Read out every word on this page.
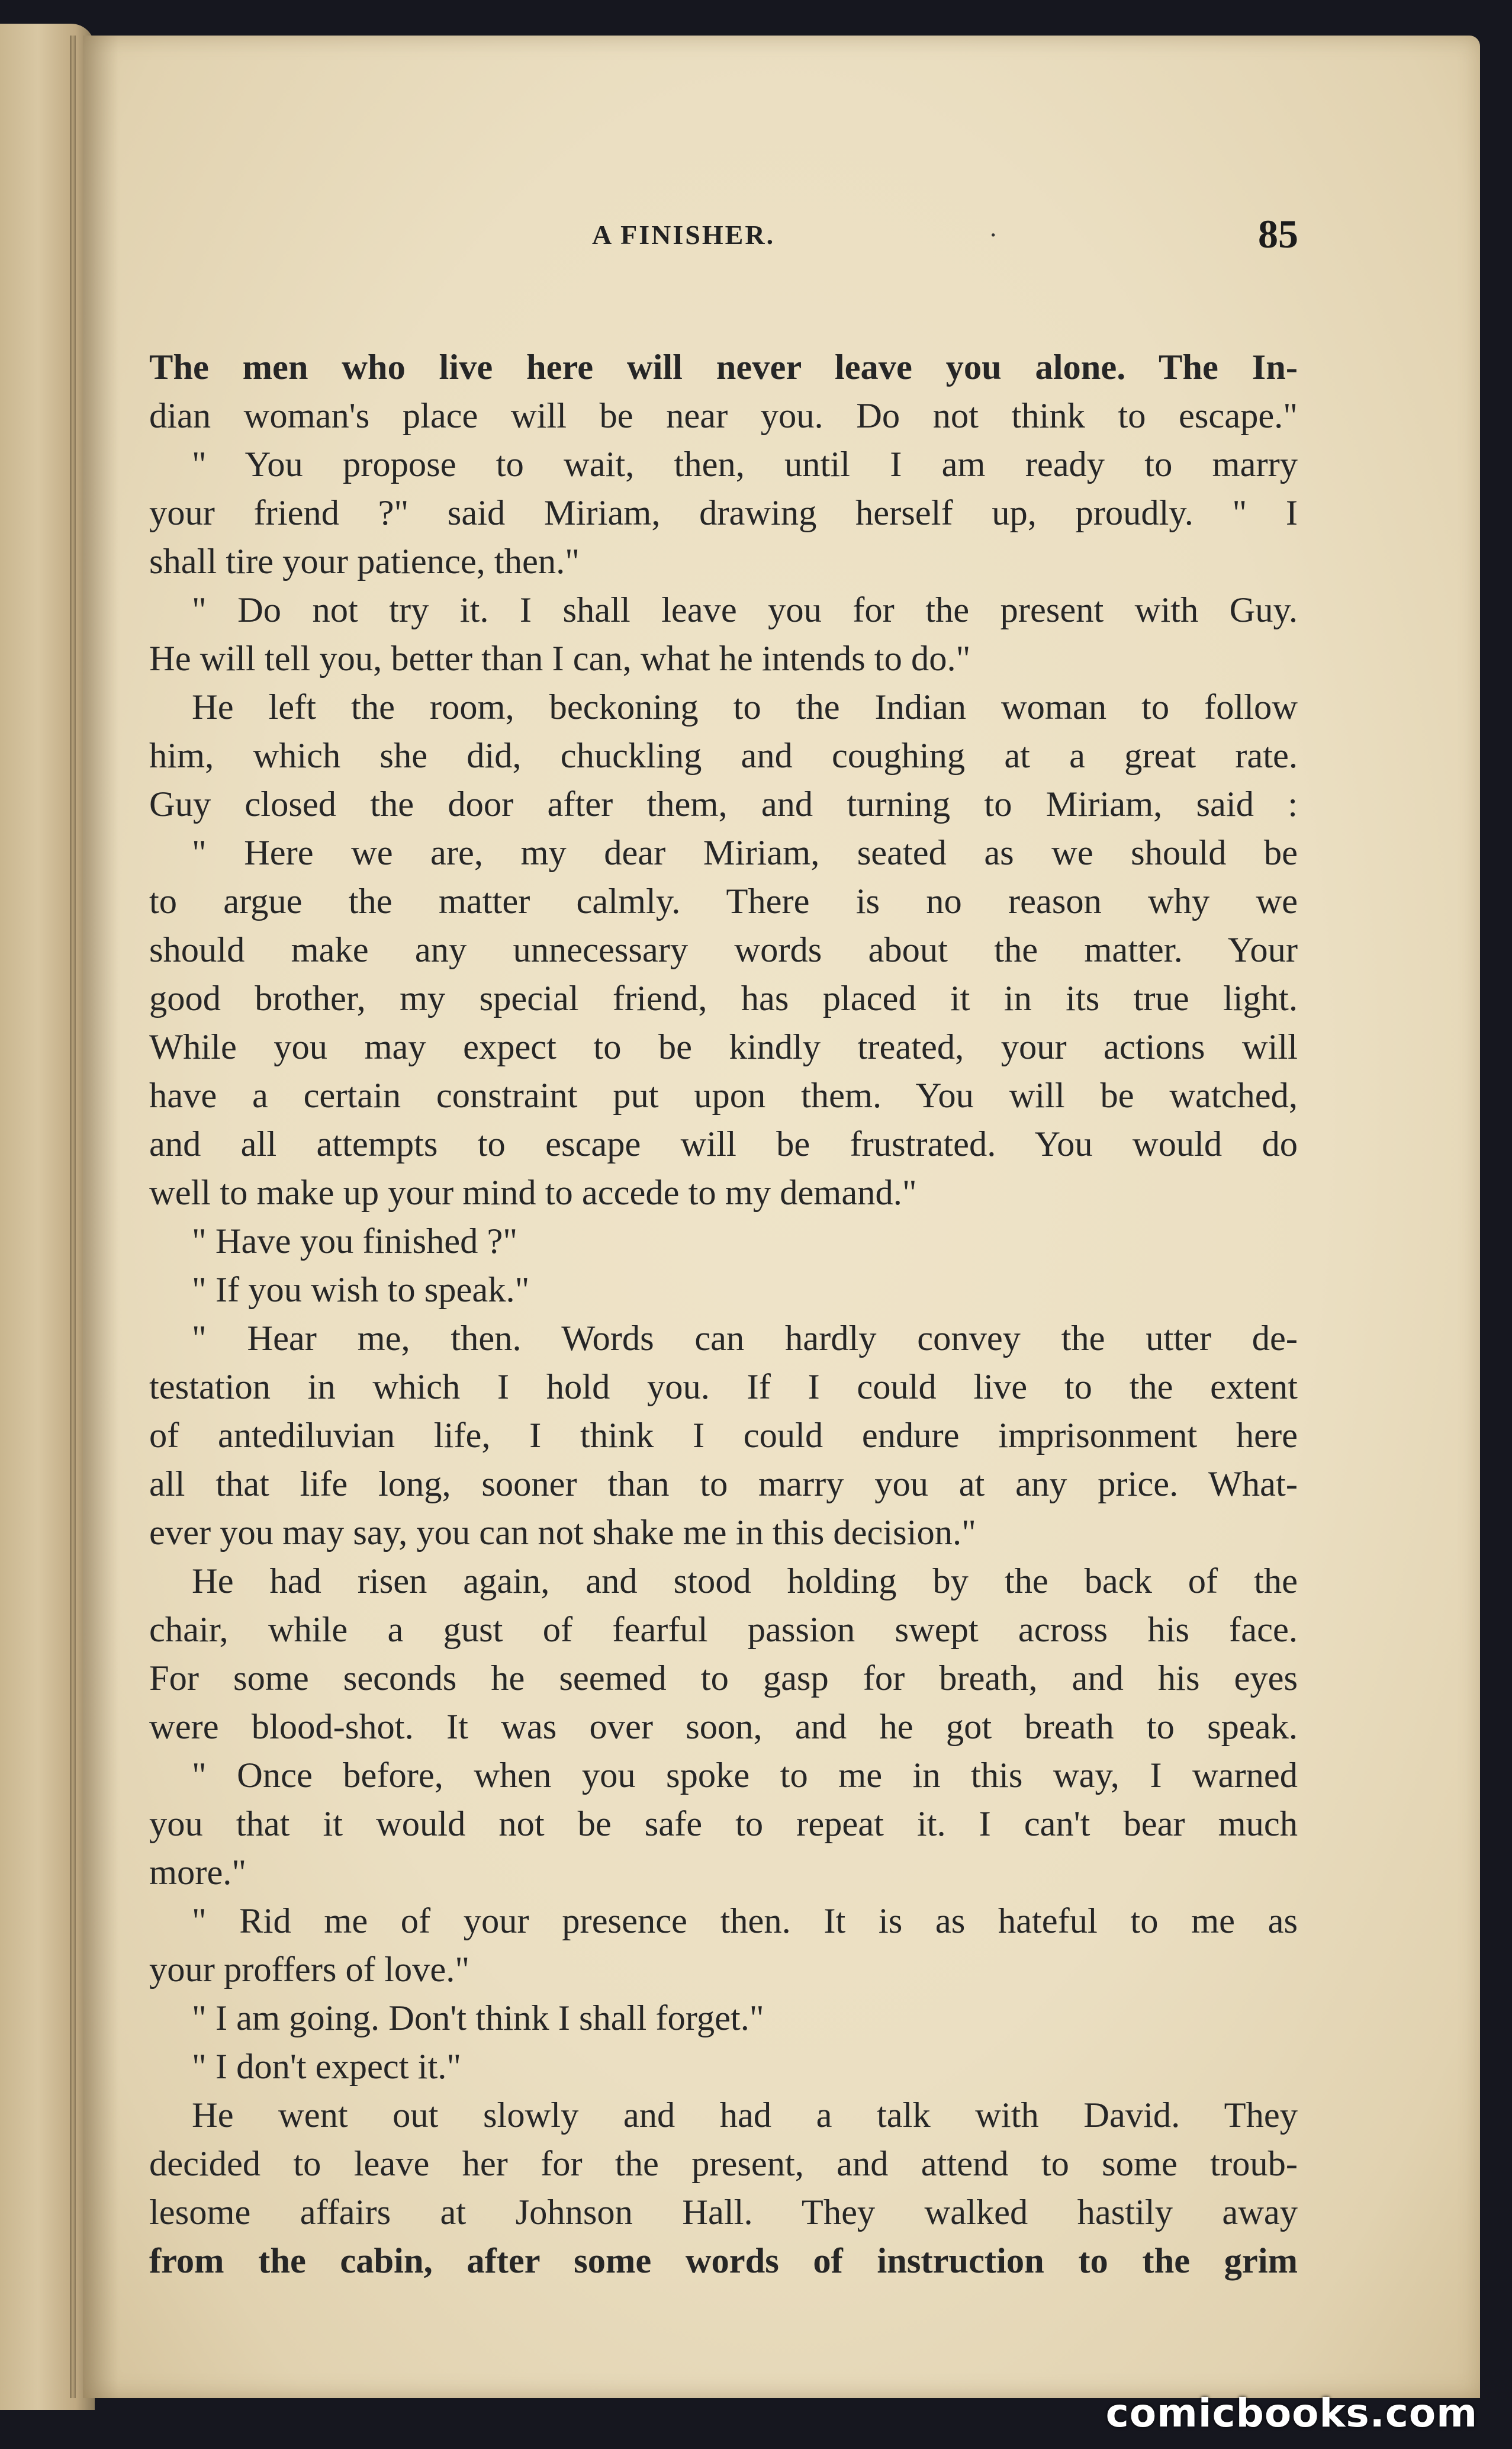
A FINISHER.	·	85
The men who live here will never leave you alone. The In-
dian woman's place will be near you. Do not think to escape."
" You propose to wait, then, until I am ready to marry
your friend ?" said Miriam, drawing herself up, proudly. " I
shall tire your patience, then."
" Do not try it. I shall leave you for the present with Guy.
He will tell you, better than I can, what he intends to do."
He left the room, beckoning to the Indian woman to follow
him, which she did, chuckling and coughing at a great rate.
Guy closed the door after them, and turning to Miriam, said :
" Here we are, my dear Miriam, seated as we should be
to argue the matter calmly. There is no reason why we
should make any unnecessary words about the matter. Your
good brother, my special friend, has placed it in its true light.
While you may expect to be kindly treated, your actions will
have a certain constraint put upon them. You will be watched,
and all attempts to escape will be frustrated. You would do
well to make up your mind to accede to my demand."
" Have you finished ?"
" If you wish to speak."
" Hear me, then. Words can hardly convey the utter de-
testation in which I hold you. If I could live to the extent
of antediluvian life, I think I could endure imprisonment here
all that life long, sooner than to marry you at any price. What-
ever you may say, you can not shake me in this decision."
He had risen again, and stood holding by the back of the
chair, while a gust of fearful passion swept across his face.
For some seconds he seemed to gasp for breath, and his eyes
were blood-shot. It was over soon, and he got breath to speak.
" Once before, when you spoke to me in this way, I warned
you that it would not be safe to repeat it. I can't bear much
more."
" Rid me of your presence then. It is as hateful to me as
your proffers of love."
" I am going. Don't think I shall forget."
" I don't expect it."
He went out slowly and had a talk with David. They
decided to leave her for the present, and attend to some troub-
lesome affairs at Johnson Hall. They walked hastily away
from the cabin, after some words of instruction to the grim
comicbooks.com
